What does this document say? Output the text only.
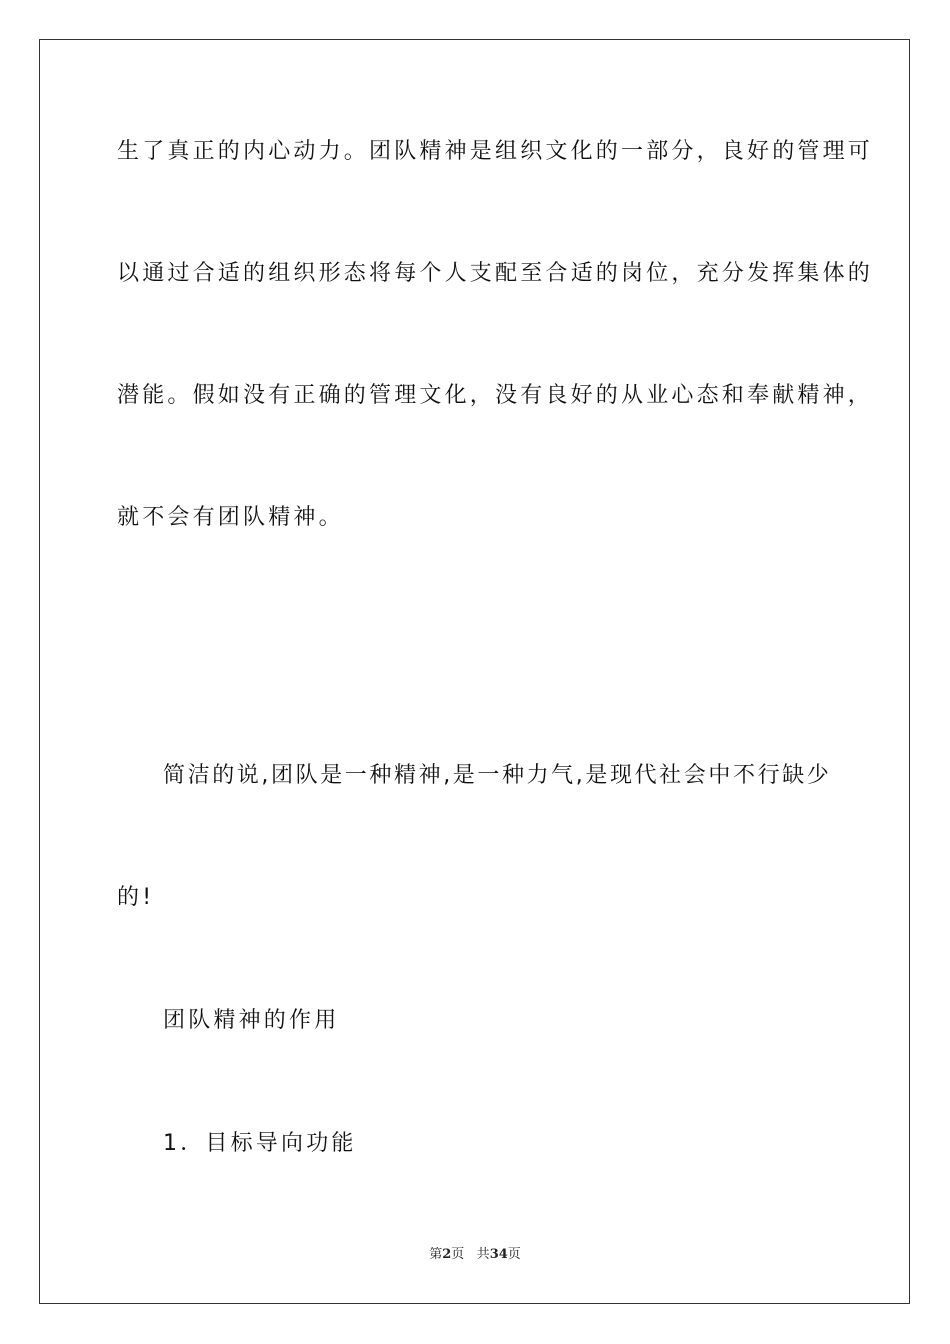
生了真正的内心动力。团队精神是组织文化的一部分，良好的管理可
以通过合适的组织形态将每个人支配至合适的岗位，充分发挥集体的
潜能。假如没有正确的管理文化，没有良好的从业心态和奉献精神，
就不会有团队精神。
简洁的说,团队是一种精神,是一种力气,是现代社会中不行缺少
的!
团队精神的作用
1．目标导向功能
第2页 共34页
